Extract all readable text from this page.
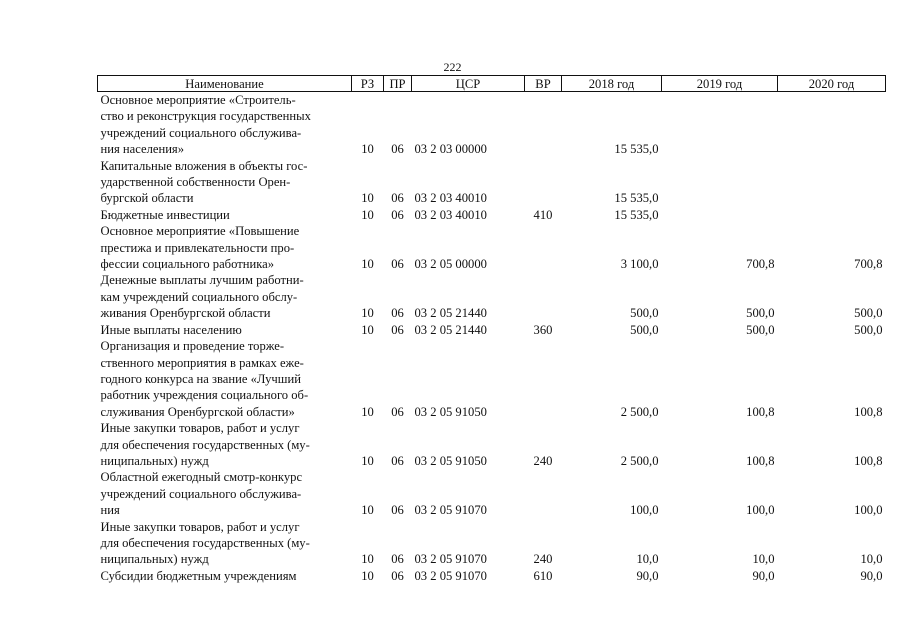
222
Наименование	РЗ	ПР	ЦСР	ВР	2018 год	2019 год	2020 год
Основное мероприятие «Строитель-
ство и реконструкция государственных
учреждений социального обслужива-
ния населения»	10	06	03 2 03 00000		15 535,0		
Капитальные вложения в объекты гос-
ударственной собственности Орен-
бургской области	10	06	03 2 03 40010		15 535,0		
Бюджетные инвестиции	10	06	03 2 03 40010	410	15 535,0		
Основное мероприятие «Повышение
престижа и привлекательности про-
фессии социального работника»	10	06	03 2 05 00000		3 100,0	700,8	700,8
Денежные выплаты лучшим работни-
кам учреждений социального обслу-
живания Оренбургской области	10	06	03 2 05 21440		500,0	500,0	500,0
Иные выплаты населению	10	06	03 2 05 21440	360	500,0	500,0	500,0
Организация и проведение торже-
ственного мероприятия в рамках еже-
годного конкурса на звание «Лучший
работник учреждения социального об-
служивания Оренбургской области»	10	06	03 2 05 91050		2 500,0	100,8	100,8
Иные закупки товаров, работ и услуг
для обеспечения государственных (му-
ниципальных) нужд	10	06	03 2 05 91050	240	2 500,0	100,8	100,8
Областной ежегодный смотр-конкурс
учреждений социального обслужива-
ния	10	06	03 2 05 91070		100,0	100,0	100,0
Иные закупки товаров, работ и услуг
для обеспечения государственных (му-
ниципальных) нужд	10	06	03 2 05 91070	240	10,0	10,0	10,0
Субсидии бюджетным учреждениям	10	06	03 2 05 91070	610	90,0	90,0	90,0
